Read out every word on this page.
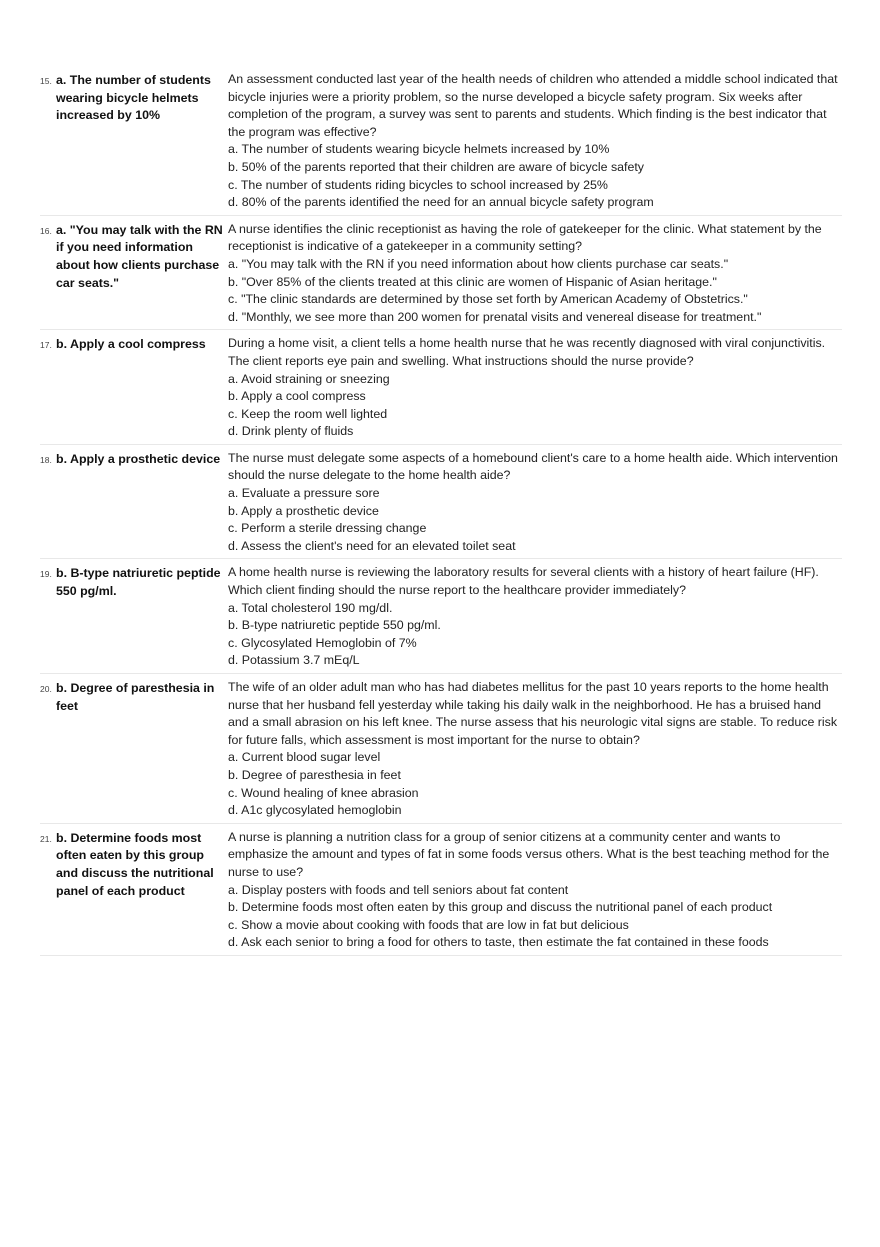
15. a. The number of students wearing bicycle helmets increased by 10%

An assessment conducted last year of the health needs of children who attended a middle school indicated that bicycle injuries were a priority problem, so the nurse developed a bicycle safety program. Six weeks after completion of the program, a survey was sent to parents and students. Which finding is the best indicator that the program was effective?

a. The number of students wearing bicycle helmets increased by 10%

b. 50% of the parents reported that their children are aware of bicycle safety

c. The number of students riding bicycles to school increased by 25%

d. 80% of the parents identified the need for an annual bicycle safety program

16. a. "You may talk with the RN if you need information about how clients purchase car seats."

A nurse identifies the clinic receptionist as having the role of gatekeeper for the clinic. What statement by the receptionist is indicative of a gatekeeper in a community setting?

a. "You may talk with the RN if you need information about how clients purchase car seats."

b. "Over 85% of the clients treated at this clinic are women of Hispanic of Asian heritage."

c. "The clinic standards are determined by those set forth by American Academy of Obstetrics."

d. "Monthly, we see more than 200 women for prenatal visits and venereal disease for treatment."

17. b. Apply a cool compress	During a home visit, a client tells a home health nurse that he was recently diagnosed with viral conjunctivitis. The client reports eye pain and swelling. What instructions should the nurse provide?

a. Avoid straining or sneezing

b. Apply a cool compress

c. Keep the room well lighted

d. Drink plenty of fluids

18. b. Apply a prosthetic device The nurse must delegate some aspects of a homebound client's care to a home health aide. Which intervention should the nurse delegate to the home health aide?

a. Evaluate a pressure sore

b. Apply a prosthetic device

c. Perform a sterile dressing change

d. Assess the client's need for an elevated toilet seat

19. b. B-type natriuretic peptide 550 pg/ml.

A home health nurse is reviewing the laboratory results for several clients with a history of heart failure (HF). Which client finding should the nurse report to the healthcare provider immediately?

a. Total cholesterol 190 mg/dl.

b. B-type natriuretic peptide 550 pg/ml.

c. Glycosylated Hemoglobin of 7%

d. Potassium 3.7 mEq/L

20. b. Degree of paresthesia in feet

The wife of an older adult man who has had diabetes mellitus for the past 10 years reports to the home health nurse that her husband fell yesterday while taking his daily walk in the neighborhood. He has a bruised hand and a small abrasion on his left knee. The nurse assess that his neurologic vital signs are stable. To reduce risk for future falls, which assessment is most important for the nurse to obtain?

a. Current blood sugar level

b. Degree of paresthesia in feet

c. Wound healing of knee abrasion

d. A1c glycosylated hemoglobin

21. b. Determine foods most often eaten by this group and discuss the nutritional panel of each product

A nurse is planning a nutrition class for a group of senior citizens at a community center and wants to emphasize the amount and types of fat in some foods versus others. What is the best teaching method for the nurse to use?

a. Display posters with foods and tell seniors about fat content

b. Determine foods most often eaten by this group and discuss the nutritional panel of each product

c. Show a movie about cooking with foods that are low in fat but delicious

d. Ask each senior to bring a food for others to taste, then estimate the fat contained in these foods
